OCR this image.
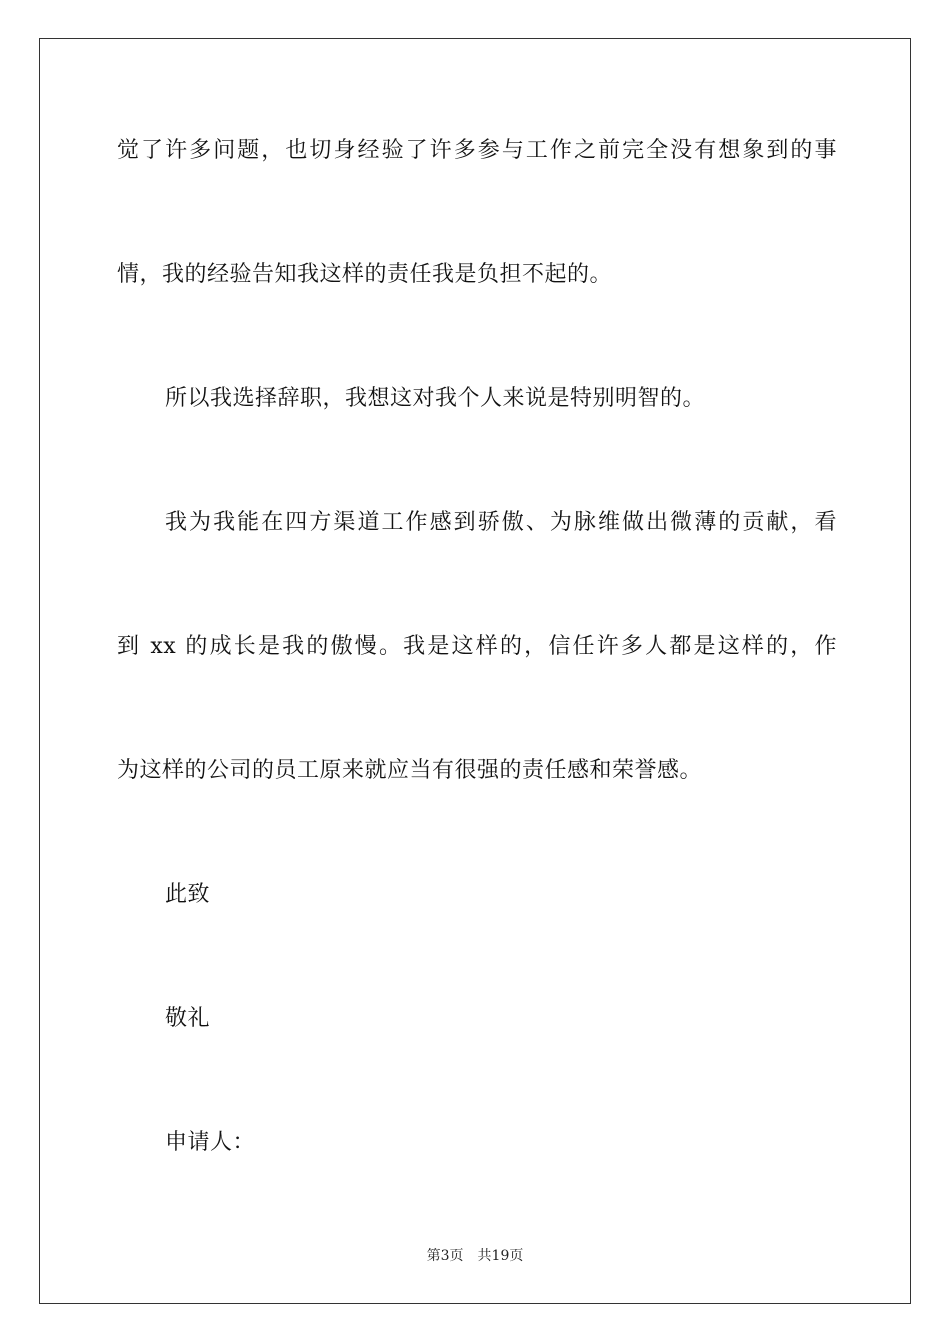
觉了许多问题，也切身经验了许多参与工作之前完全没有想象到的事
情，我的经验告知我这样的责任我是负担不起的。
所以我选择辞职，我想这对我个人来说是特别明智的。
我为我能在四方渠道工作感到骄傲、为脉维做出微薄的贡献，看
到 xx 的成长是我的傲慢。我是这样的，信任许多人都是这样的，作
为这样的公司的员工原来就应当有很强的责任感和荣誉感。
此致
敬礼
申请人：
第3页 共19页
